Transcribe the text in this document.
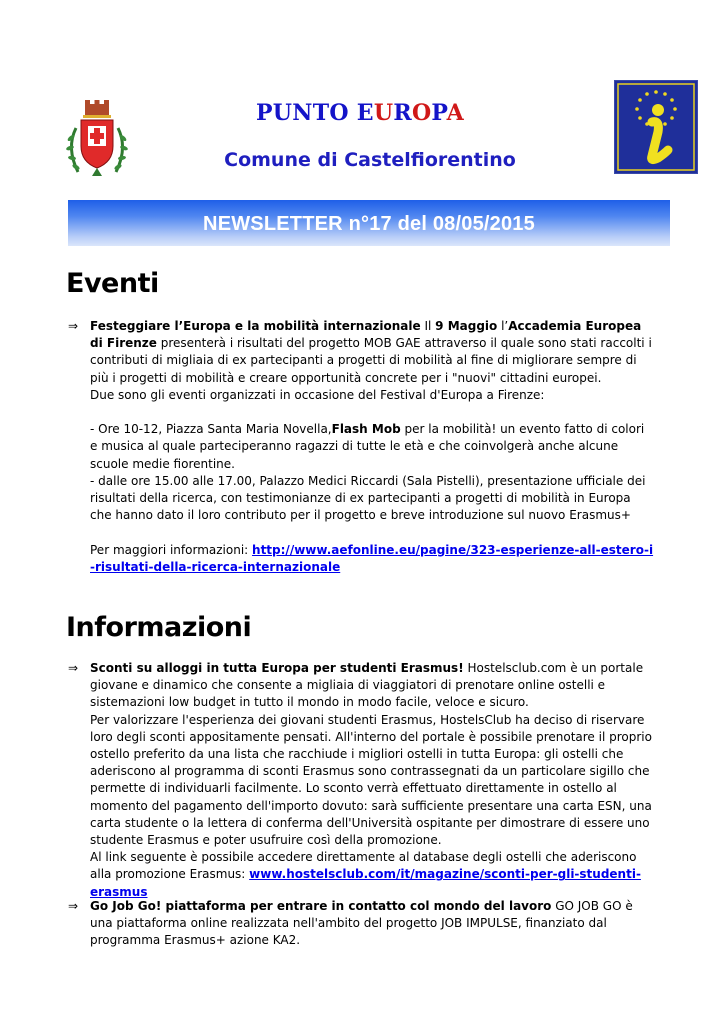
PUNTO EUROPA
Comune di Castelfiorentino
NEWSLETTER n°17 del 08/05/2015
Eventi
⇒ Festeggiare l’Europa e la mobilità internazionale Il 9 Maggio l’Accademia Europea di Firenze presenterà i risultati del progetto MOB GAE attraverso il quale sono stati raccolti i contributi di migliaia di ex partecipanti a progetti di mobilità al fine di migliorare sempre di più i progetti di mobilità e creare opportunità concrete per i "nuovi" cittadini europei.

Due sono gli eventi organizzati in occasione del Festival d'Europa a Firenze:

- Ore 10-12, Piazza Santa Maria Novella,Flash Mob per la mobilità! un evento fatto di colori e musica al quale parteciperanno ragazzi di tutte le età e che coinvolgerà anche alcune scuole medie fiorentine.

- dalle ore 15.00 alle 17.00, Palazzo Medici Riccardi (Sala Pistelli), presentazione ufficiale dei risultati della ricerca, con testimonianze di ex partecipanti a progetti di mobilità in Europa che hanno dato il loro contributo per il progetto e breve introduzione sul nuovo Erasmus+

Per maggiori informazioni: http://www.aefonline.eu/pagine/323-esperienze-all-estero-i-risultati-della-ricerca-internazionale

Informazioni
⇒ Sconti su alloggi in tutta Europa per studenti Erasmus! Hostelsclub.com è un portale giovane e dinamico che consente a migliaia di viaggiatori di prenotare online ostelli e sistemazioni low budget in tutto il mondo in modo facile, veloce e sicuro.

Per valorizzare l'esperienza dei giovani studenti Erasmus, HostelsClub ha deciso di riservare loro degli sconti appositamente pensati. All'interno del portale è possibile prenotare il proprio ostello preferito da una lista che racchiude i migliori ostelli in tutta Europa: gli ostelli che aderiscono al programma di sconti Erasmus sono contrassegnati da un particolare sigillo che permette di individuarli facilmente. Lo sconto verrà effettuato direttamente in ostello al momento del pagamento dell'importo dovuto: sarà sufficiente presentare una carta ESN, una carta studente o la lettera di conferma dell'Università ospitante per dimostrare di essere uno studente Erasmus e poter usufruire così della promozione.

Al link seguente è possibile accedere direttamente al database degli ostelli che aderiscono alla promozione Erasmus: www.hostelsclub.com/it/magazine/sconti-per-gli-studenti-erasmus

⇒ Go Job Go! piattaforma per entrare in contatto col mondo del lavoro GO JOB GO è una piattaforma online realizzata nell'ambito del progetto JOB IMPULSE, finanziato dal programma Erasmus+ azione KA2.
